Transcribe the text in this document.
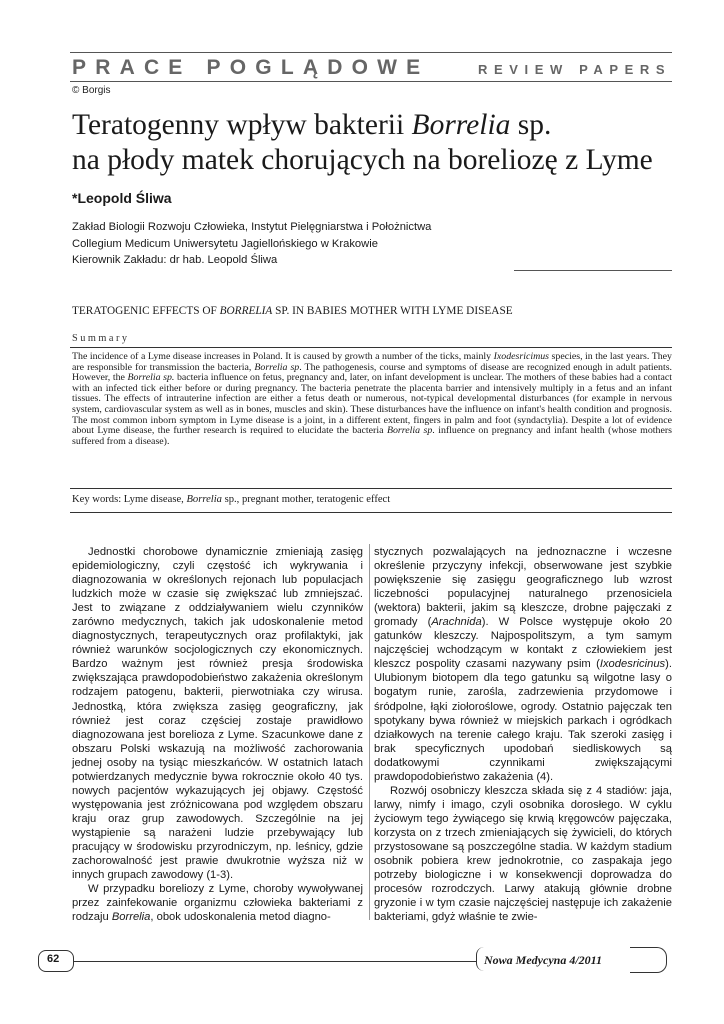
PRACE POGLĄDOWE	REVIEW PAPERS
© Borgis
Teratogenny wpływ bakterii Borrelia sp.
na płody matek chorujących na boreliozę z Lyme
*Leopold Śliwa
Zakład Biologii Rozwoju Człowieka, Instytut Pielęgniarstwa i Położnictwa
Collegium Medicum Uniwersytetu Jagiellońskiego w Krakowie
Kierownik Zakładu: dr hab. Leopold Śliwa
TERATOGENIC EFFECTS OF BORRELIA SP. IN BABIES MOTHER WITH LYME DISEASE
Summary

The incidence of a Lyme disease increases in Poland. It is caused by growth a number of the ticks, mainly Ixodesricimus species, in the last years. They are responsible for transmission the bacteria, Borrelia sp. The pathogenesis, course and symptoms of disease are recognized enough in adult patients. However, the Borrelia sp. bacteria influence on fetus, pregnancy and, later, on infant development is unclear. The mothers of these babies had a contact with an infected tick either before or during pregnancy. The bacteria penetrate the placenta barrier and intensively multiply in a fetus and an infant tissues. The effects of intrauterine infection are either a fetus death or numerous, not-typical developmental disturbances (for example in nervous system, cardiovascular system as well as in bones, muscles and skin). These disturbances have the influence on infant's health condition and prognosis. The most common inborn symptom in Lyme disease is a joint, in a different extent, fingers in palm and foot (syndactylia). Despite a lot of evidence about Lyme disease, the further research is required to elucidate the bacteria Borrelia sp. influence on pregnancy and infant health (whose mothers suffered from a disease).

Key words: Lyme disease, Borrelia sp., pregnant mother, teratogenic effect

Jednostki chorobowe dynamicznie zmieniają zasięg epidemiologiczny, czyli częstość ich wykrywania i diagnozowania w określonych rejonach lub populacjach ludzkich może w czasie się zwiększać lub zmniejszać. Jest to związane z oddziaływaniem wielu czynników zarówno medycznych, takich jak udoskonalenie metod diagnostycznych, terapeutycznych oraz profilaktyki, jak również warunków socjologicznych czy ekonomicznych. Bardzo ważnym jest również presja środowiska zwiększająca prawdopodobieństwo zakażenia określonym rodzajem patogenu, bakterii, pierwotniaka czy wirusa. Jednostką, która zwiększa zasięg geograficzny, jak również jest coraz częściej zostaje prawidłowo diagnozowana jest borelioza z Lyme. Szacunkowe dane z obszaru Polski wskazują na możliwość zachorowania jednej osoby na tysiąc mieszkańców. W ostatnich latach potwierdzanych medycznie bywa rokrocznie około 40 tys. nowych pacjentów wykazujących jej objawy. Częstość występowania jest zróżnicowana pod względem obszaru kraju oraz grup zawodowych. Szczególnie na jej wystąpienie są narażeni ludzie przebywający lub pracujący w środowisku przyrodniczym, np. leśnicy, gdzie zachorowalność jest prawie dwukrotnie wyższa niż w innych grupach zawodowy (1-3).

W przypadku boreliozy z Lyme, choroby wywoływanej przez zainfekowanie organizmu człowieka bakteriami z rodzaju Borrelia, obok udoskonalenia metod diagno-

stycznych pozwalających na jednoznaczne i wczesne określenie przyczyny infekcji, obserwowane jest szybkie powiększenie się zasięgu geograficznego lub wzrost liczebności populacyjnej naturalnego przenosiciela (wektora) bakterii, jakim są kleszcze, drobne pajęczaki z gromady (Arachnida). W Polsce występuje około 20 gatunków kleszczy. Najpospolitszym, a tym samym najczęściej wchodzącym w kontakt z człowiekiem jest kleszcz pospolity czasami nazywany psim (Ixodesricinus). Ulubionym biotopem dla tego gatunku są wilgotne lasy o bogatym runie, zarośla, zadrzewienia przydomowe i śródpolne, łąki ziołoroślowe, ogrody. Ostatnio pajęczak ten spotykany bywa również w miejskich parkach i ogródkach działkowych na terenie całego kraju. Tak szeroki zasięg i brak specyficznych upodobań siedliskowych są dodatkowymi czynnikami zwiększającymi prawdopodobieństwo zakażenia (4).

Rozwój osobniczy kleszcza składa się z 4 stadiów: jaja, larwy, nimfy i imago, czyli osobnika dorosłego. W cyklu życiowym tego żywiącego się krwią kręgowców pajęczaka, korzysta on z trzech zmieniających się żywicieli, do których przystosowane są poszczególne stadia. W każdym stadium osobnik pobiera krew jednokrotnie, co zaspakaja jego potrzeby biologiczne i w konsekwencji doprowadza do procesów rozrodczych. Larwy atakują głównie drobne gryzonie i w tym czasie najczęściej następuje ich zakażenie bakteriami, gdyż właśnie te zwie-

62	Nowa Medycyna 4/2011
